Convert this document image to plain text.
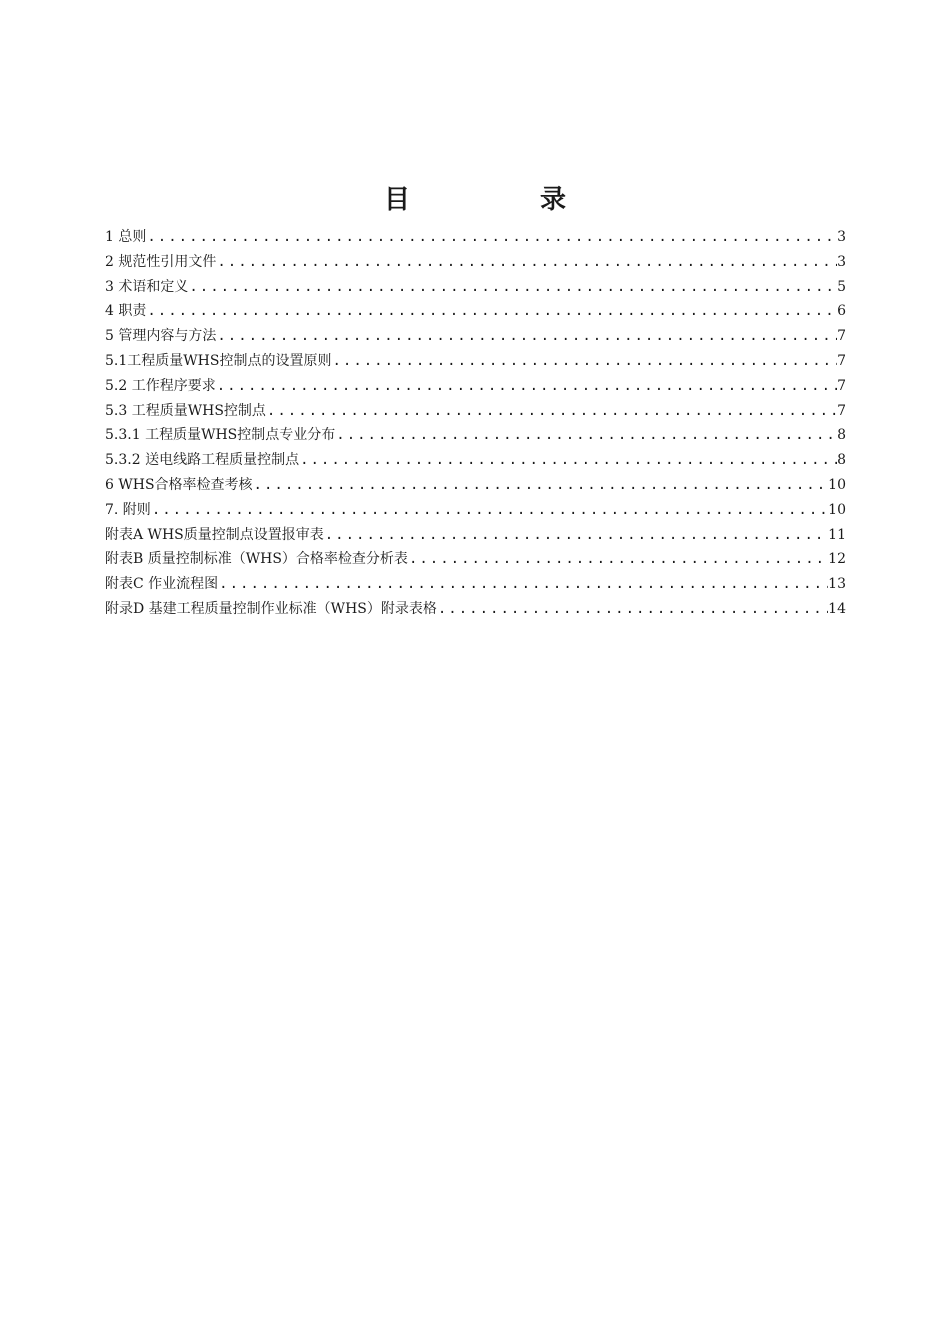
目　录
1 总则 .....	3
2 规范性引用文件 .....	3
3 术语和定义 .....	5
4 职责 .....	6
5 管理内容与方法 .....	7
5.1工程质量WHS控制点的设置原则 .....	7
5.2 工作程序要求 .....	7
5.3 工程质量WHS控制点 .....	7
5.3.1 工程质量WHS控制点专业分布 .....	8
5.3.2 送电线路工程质量控制点 .....	8
6 WHS合格率检查考核 .....	10
7. 附则 .....	10
附表A WHS质量控制点设置报审表 .....	11
附表B 质量控制标准（WHS）合格率检查分析表 .....	12
附表C 作业流程图 .....	13
附录D 基建工程质量控制作业标准（WHS）附录表格 .....	14
